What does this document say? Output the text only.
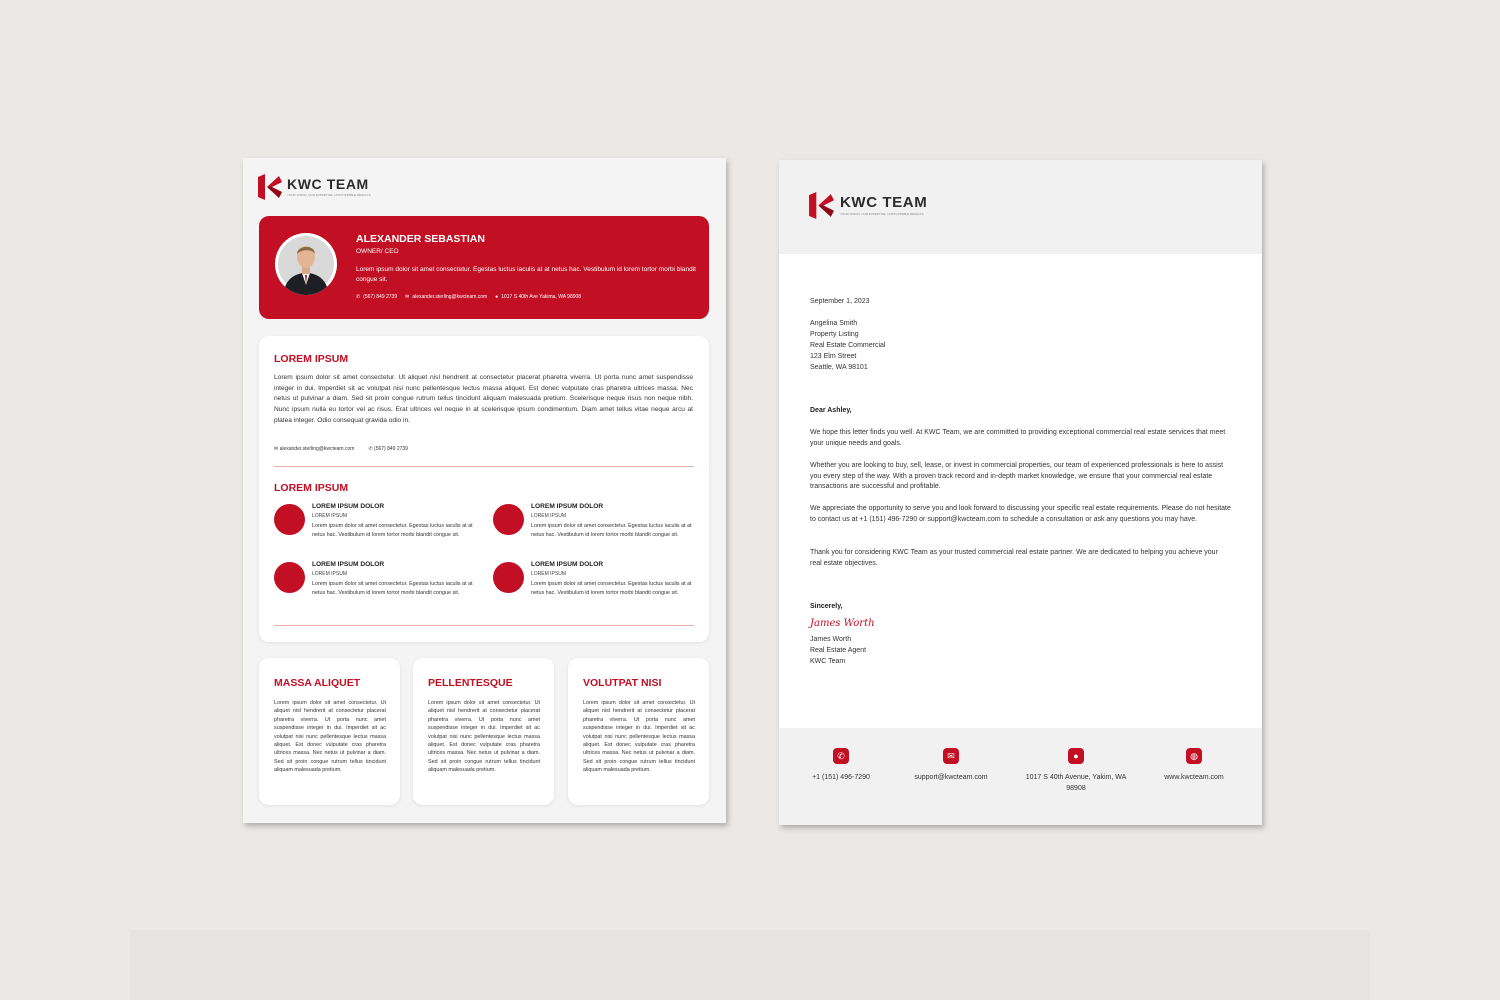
KWC TEAM
YOUR VISION, OUR EXPERTISE, UNSTOPPABLE RESULTS
ALEXANDER SEBASTIAN
OWNER/ CEO
Lorem ipsum dolor sit amet consectetur. Egestas luctus iaculis at at netus hac. Vestibulum id lorem tortor morbi blandit congue sit.
✆ (567) 849 2739 ✉ alexander.sterling@kwcteam.com ● 1017 S 40th Ave Yakima, WA 98908
LOREM IPSUM
Lorem ipsum dolor sit amet consectetur. Ut aliquet nisl hendrerit at consectetur placerat pharetra viverra. Ut porta nunc amet suspendisse integer in dui. Imperdiet sit ac volutpat nisi nunc pellentesque lectus massa aliquet. Est donec vulputate cras pharetra ultrices massa. Nec netus ut pulvinar a diam. Sed sit proin congue rutrum tellus tincidunt aliquam malesuada pretium. Scelerisque neque risus non neque nibh. Nunc ipsum nulla eu tortor vel ac risus. Erat ultrices vel neque in at scelerisque ipsum condimentum. Diam amet tellus vitae neque arcu at platea integer. Odio consequat gravida odio in.
✉ alexander.sterling@kwcteam.com	✆ (567) 849 2739
LOREM IPSUM
LOREM IPSUM DOLOR
LOREM IPSUM
Lorem ipsum dolor sit amet consectetur. Egestas luctus iaculis at at netus hac. Vestibulum id lorem tortor morbi blandit congue sit.
LOREM IPSUM DOLOR
LOREM IPSUM
Lorem ipsum dolor sit amet consectetur. Egestas luctus iaculis at at netus hac. Vestibulum id lorem tortor morbi blandit congue sit.
LOREM IPSUM DOLOR
LOREM IPSUM
Lorem ipsum dolor sit amet consectetur. Egestas luctus iaculis at at netus hac. Vestibulum id lorem tortor morbi blandit congue sit.
LOREM IPSUM DOLOR
LOREM IPSUM
Lorem ipsum dolor sit amet consectetur. Egestas luctus iaculis at at netus hac. Vestibulum id lorem tortor morbi blandit congue sit.
MASSA ALIQUET
Lorem ipsum dolor sit amet consectetur. Ut aliquet nisl hendrerit at consectetur placerat pharetra viverra. Ut porta nunc amet suspendisse integer in dui. Imperdiet sit ac volutpat nisi nunc pellentesque lectus massa aliquet. Est donec vulputate cras pharetra ultrices massa. Nec netus ut pulvinar a diam. Sed sit proin congue rutrum tellus tincidunt aliquam malesuada pretium.
PELLENTESQUE
Lorem ipsum dolor sit amet consectetur. Ut aliquet nisl hendrerit at consectetur placerat pharetra viverra. Ut porta nunc amet suspendisse integer in dui. Imperdiet sit ac volutpat nisi nunc pellentesque lectus massa aliquet. Est donec vulputate cras pharetra ultrices massa. Nec netus ut pulvinar a diam. Sed sit proin congue rutrum tellus tincidunt aliquam malesuada pretium.
VOLUTPAT NISI
Lorem ipsum dolor sit amet consectetur. Ut aliquet nisl hendrerit at consectetur placerat pharetra viverra. Ut porta nunc amet suspendisse integer in dui. Imperdiet sit ac volutpat nisi nunc pellentesque lectus massa aliquet. Est donec vulputate cras pharetra ultrices massa. Nec netus ut pulvinar a diam. Sed sit proin congue rutrum tellus tincidunt aliquam malesuada pretium.
KWC TEAM
YOUR VISION, OUR EXPERTISE, UNSTOPPABLE RESULTS
September 1, 2023
Angelina Smith
Property Listing
Real Estate Commercial
123 Elm Street
Seattle, WA 98101
Dear Ashley,
We hope this letter finds you well. At KWC Team, we are committed to providing exceptional commercial real estate services that meet your unique needs and goals.
Whether you are looking to buy, sell, lease, or invest in commercial properties, our team of experienced professionals is here to assist you every step of the way. With a proven track record and in-depth market knowledge, we ensure that your commercial real estate transactions are successful and profitable.
We appreciate the opportunity to serve you and look forward to discussing your specific real estate requirements. Please do not hesitate to contact us at +1 (151) 496-7290 or support@kwcteam.com to schedule a consultation or ask any questions you may have.
Thank you for considering KWC Team as your trusted commercial real estate partner. We are dedicated to helping you achieve your real estate objectives.
Sincerely,
James Worth
James Worth
Real Estate Agent
KWC Team
✆
+1 (151) 496-7290
✉
support@kwcteam.com
●
1017 S 40th Avenue, Yakim, WA 98908
◍
www.kwcteam.com
